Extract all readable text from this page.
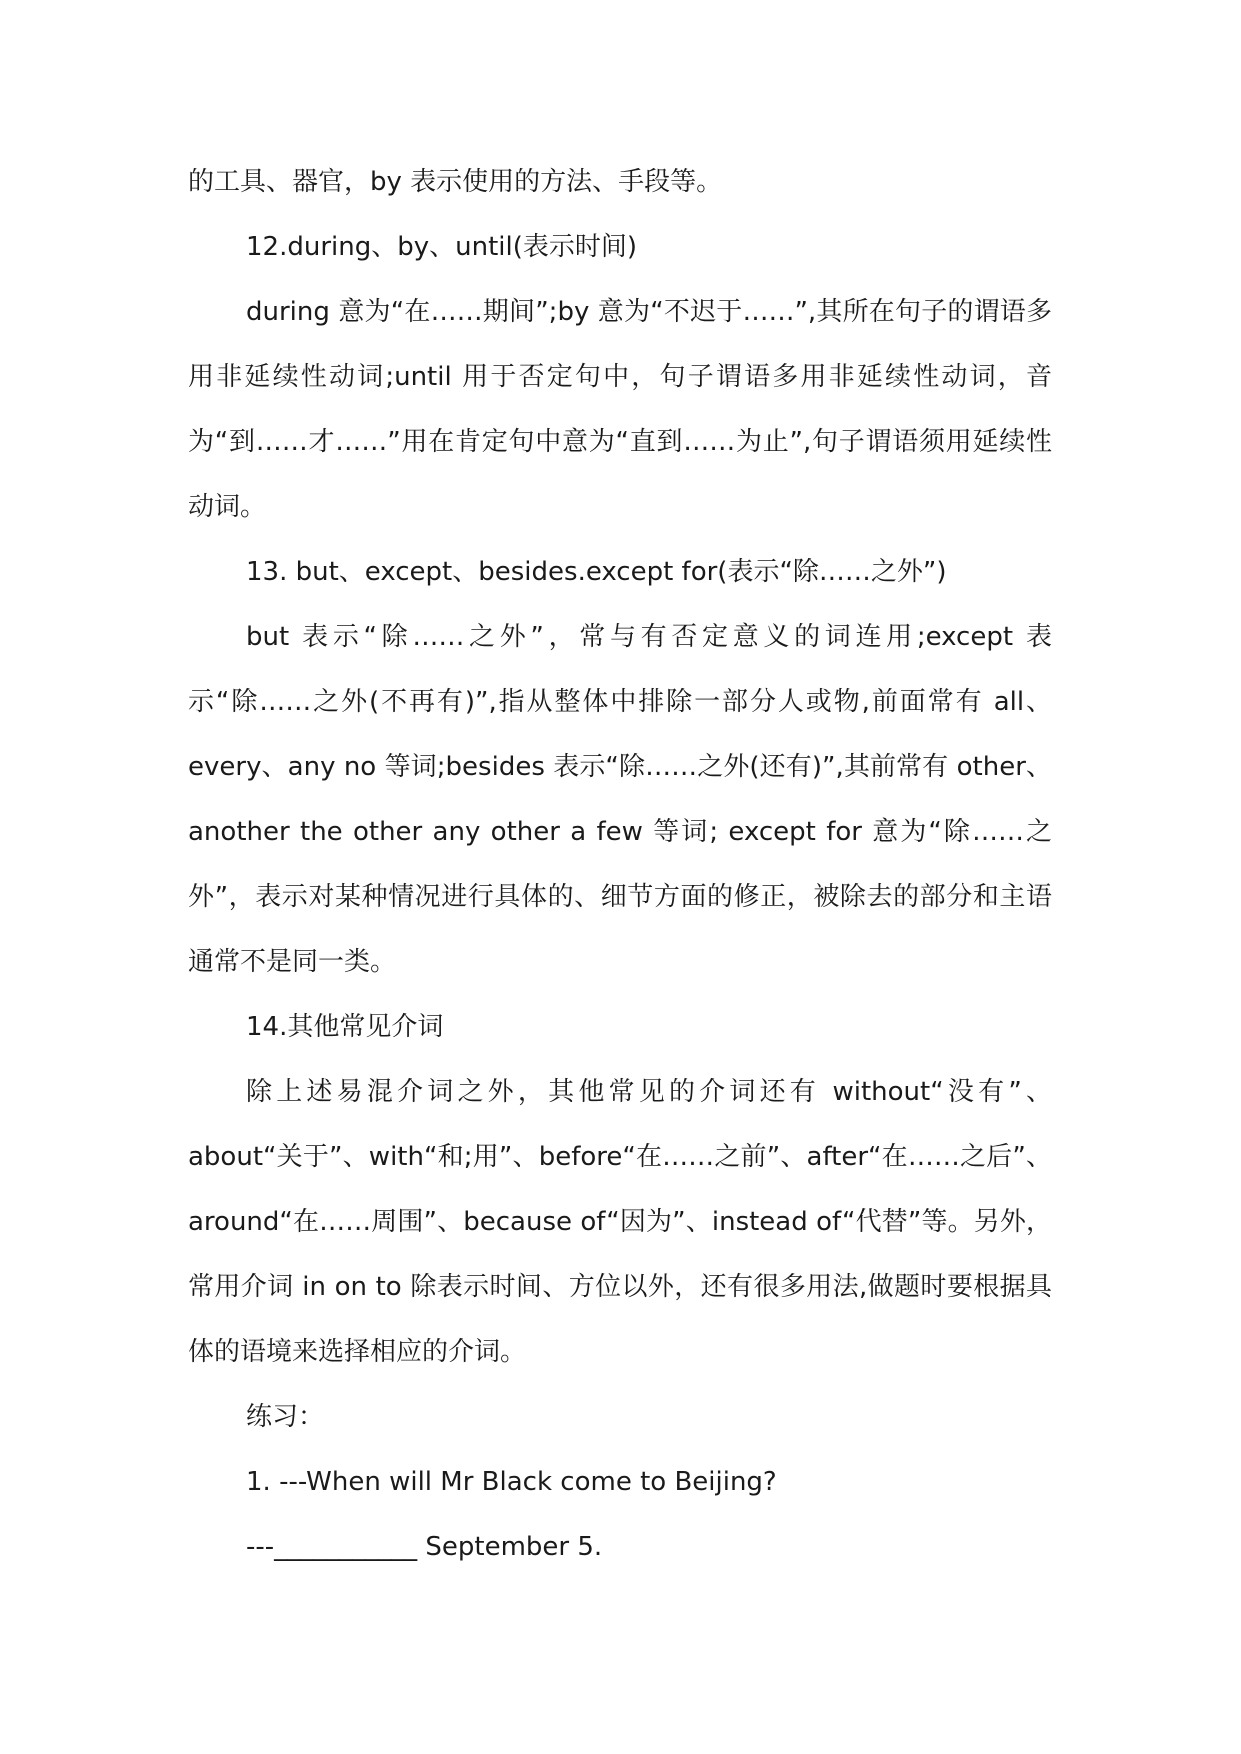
的工具、器官，by 表示使用的方法、手段等。

12.during、by、until(表示时间)

during 意为“在……期间”;by 意为“不迟于……”,其所在句子的谓语多用非延续性动词;until 用于否定句中，句子谓语多用非延续性动词，音为“到……才……”用在肯定句中意为“直到……为止”,句子谓语须用延续性动词。

13. but、except、besides.except for(表示“除……之外”)

but 表示“除……之外”，常与有否定意义的词连用;except 表示“除……之外(不再有)”,指从整体中排除一部分人或物,前面常有 all、every、any no 等词;besides 表示“除……之外(还有)”,其前常有 other、 another the other any other a few 等词; except for 意为“除……之外”，表示对某种情况进行具体的、细节方面的修正，被除去的部分和主语通常不是同一类。

14.其他常见介词

除上述易混介词之外，其他常见的介词还有 without“没有”、about“关于”、with“和;用”、before“在……之前”、after“在……之后”、around“在……周围”、because of“因为”、instead of“代替”等。另外，常用介词 in on to 除表示时间、方位以外，还有很多用法,做题时要根据具体的语境来选择相应的介词。

练习：

1. ---When will Mr Black come to Beijing?

---___________ September 5.
